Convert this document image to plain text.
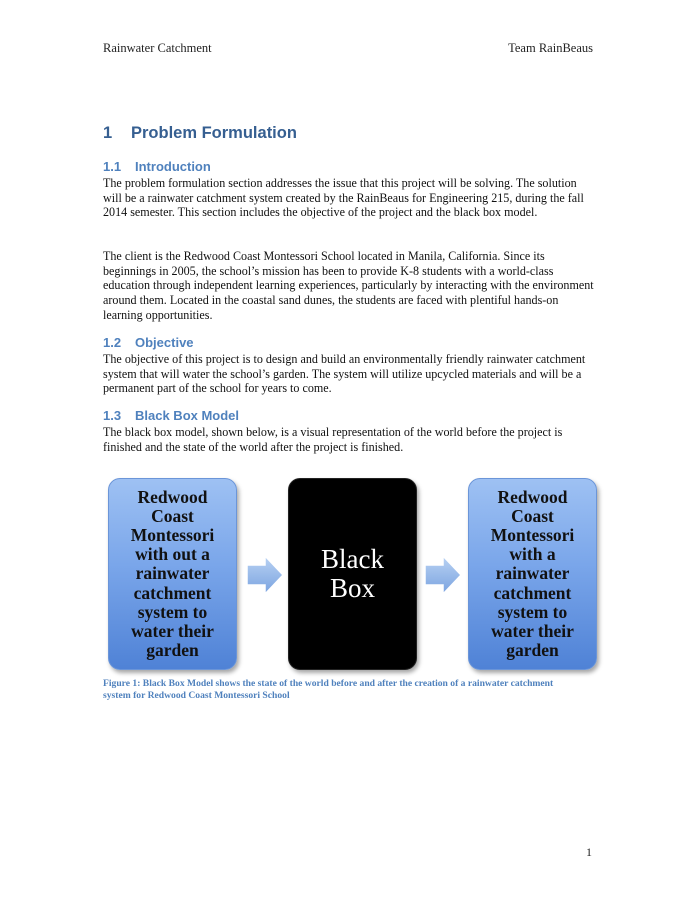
Rainwater Catchment	Team RainBeaus
1 Problem Formulation
1.1 Introduction

The problem formulation section addresses the issue that this project will be solving. The solution will be a rainwater catchment system created by the RainBeaus for Engineering 215, during the fall 2014 semester. This section includes the objective of the project and the black box model.

The client is the Redwood Coast Montessori School located in Manila, California. Since its beginnings in 2005, the school’s mission has been to provide K-8 students with a world-class education through independent learning experiences, particularly by interacting with the environment around them. Located in the coastal sand dunes, the students are faced with plentiful hands-on learning opportunities.

1.2 Objective

The objective of this project is to design and build an environmentally friendly rainwater catchment system that will water the school’s garden. The system will utilize upcycled materials and will be a permanent part of the school for years to come.

1.3 Black Box Model

The black box model, shown below, is a visual representation of the world before the project is finished and the state of the world after the project is finished.

Redwood Coast Montessori with out a rainwater catchment system to water their garden
Black Box
Redwood Coast Montessori with a rainwater catchment system to water their garden

Figure 1: Black Box Model shows the state of the world before and after the creation of a rainwater catchment system for Redwood Coast Montessori School

1
